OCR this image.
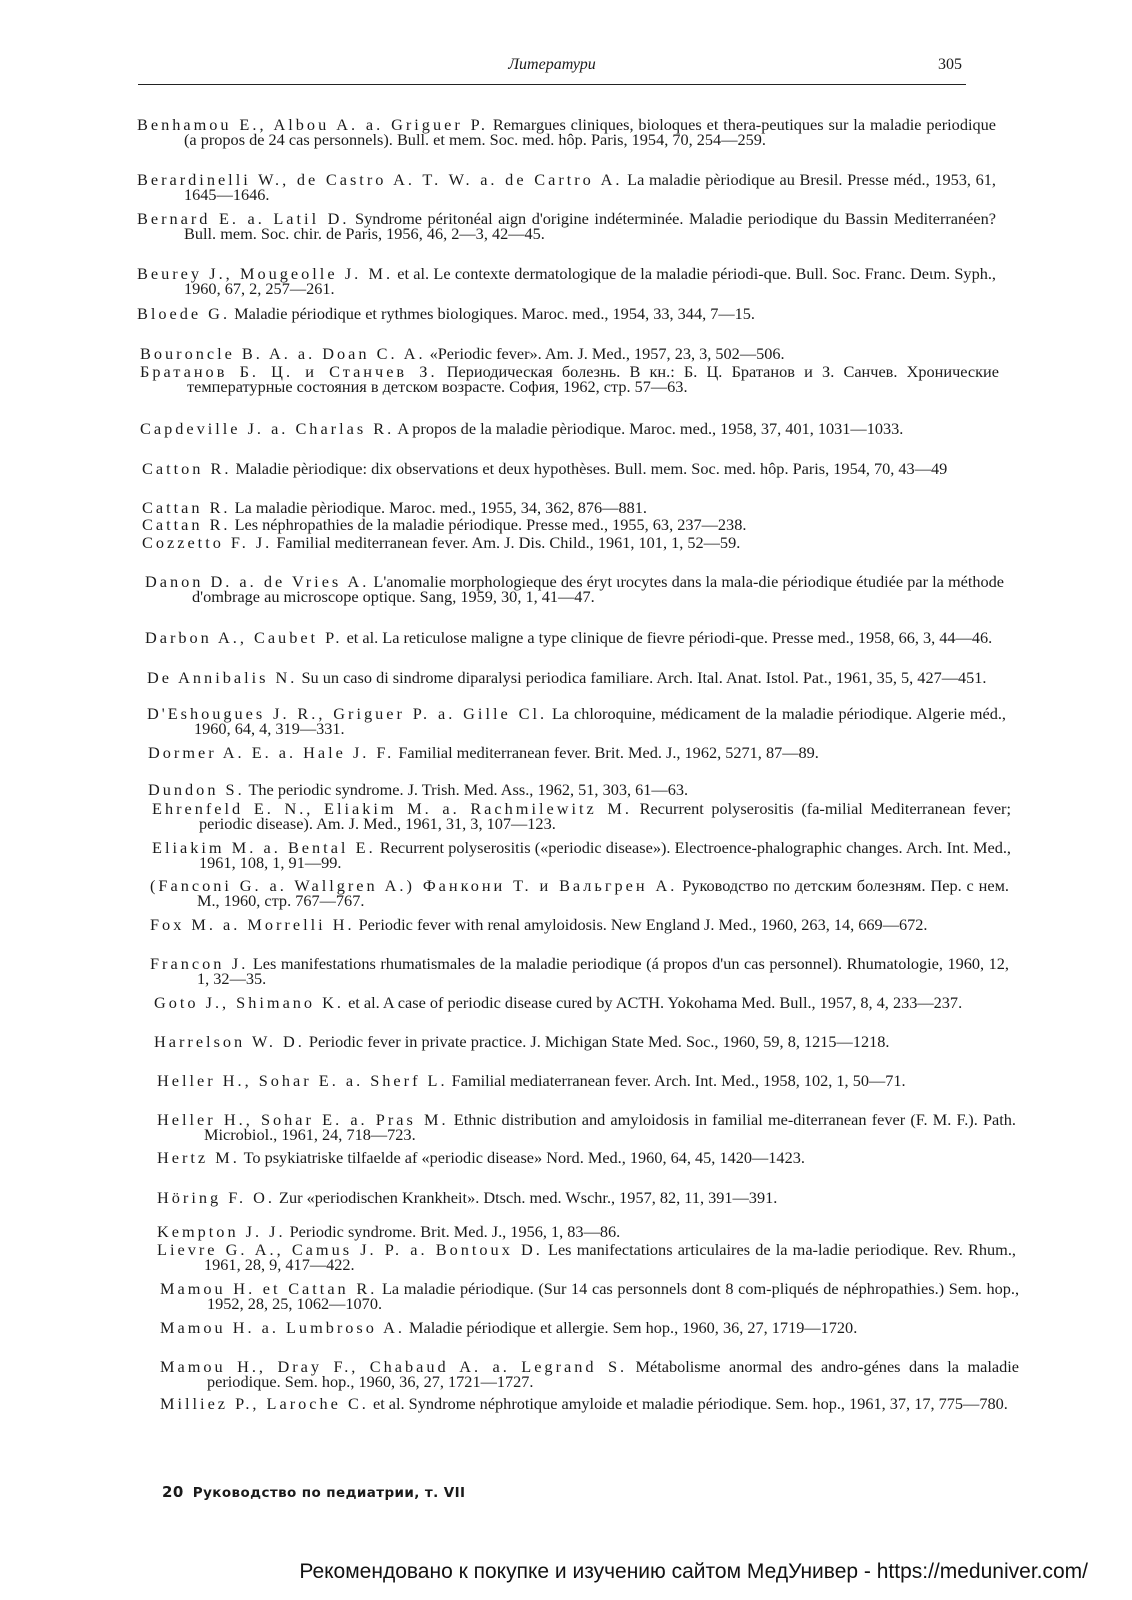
Литератури	305
Benhamou E., Albou A. a. Griguer P. Remargues cliniques, bioloques et thera-peutiques sur la maladie periodique (a propos de 24 cas personnels). Bull. et mem. Soc. med. hôp. Paris, 1954, 70, 254—259.
Berardinelli W., de Castro A. T. W. a. de Cartro A. La maladie pèriodique au Bresil. Presse méd., 1953, 61, 1645—1646.
Bernard E. a. Latil D. Syndrome péritonéal aign d'origine indéterminée. Maladie periodique du Bassin Mediterranéen? Bull. mem. Soc. chir. de Paris, 1956, 46, 2—3, 42—45.
Beurey J., Mougeolle J. M. et al. Le contexte dermatologique de la maladie périodi-que. Bull. Soc. Franc. Deιm. Syph., 1960, 67, 2, 257—261.
Bloede G. Maladie périodique et rythmes biologiques. Maroc. med., 1954, 33, 344, 7—15.
Bouroncle B. A. a. Doan C. A. «Periodic fever». Am. J. Med., 1957, 23, 3, 502—506.
Братанов Б. Ц. и Станчев З. Периодическая болезнь. В кн.: Б. Ц. Братанов и З. Санчев. Хронические температурные состояния в детском возрасте. София, 1962, стр. 57—63.
Capdeville J. a. Charlas R. A propos de la maladie pèriodique. Maroc. med., 1958, 37, 401, 1031—1033.
Catton R. Maladie pèriodique: dix observations et deux hypothèses. Bull. mem. Soc. med. hôp. Paris, 1954, 70, 43—49
Cattan R. La maladie pèriodique. Maroc. med., 1955, 34, 362, 876—881.
Cattan R. Les néphropathies de la maladie périodique. Presse med., 1955, 63, 237—238.
Cozzetto F. J. Familial mediterranean fever. Am. J. Dis. Child., 1961, 101, 1, 52—59.
Danon D. a. de Vries A. L'anomalie morphologieque des éryt ιrocytes dans la mala-die périodique étudiée par la méthode d'ombrage au microscope optique. Sang, 1959, 30, 1, 41—47.
Darbon A., Caubet P. et al. La reticulose maligne a type clinique de fievre périodi-que. Presse med., 1958, 66, 3, 44—46.
De Annibalis N. Su un caso di sindrome diparalysi periodica familiare. Arch. Ital. Anat. Istol. Pat., 1961, 35, 5, 427—451.
D'Eshougues J. R., Griguer P. a. Gille Cl. La chloroquine, médicament de la maladie périodique. Algerie méd., 1960, 64, 4, 319—331.
Dormer A. E. a. Hale J. F. Familial mediterranean fever. Brit. Med. J., 1962, 5271, 87—89.
Dundon S. The periodic syndrome. J. Trish. Med. Ass., 1962, 51, 303, 61—63.
Ehrenfeld E. N., Eliakim M. a. Rachmilewitz M. Recurrent polyserositis (fa-milial Mediterranean fever; periodic disease). Am. J. Med., 1961, 31, 3, 107—123.
Eliakim M. a. Bental E. Recurrent polyserositis («periodic disease»). Electroence-phalographic changes. Arch. Int. Med., 1961, 108, 1, 91—99.
(Fanconi G. a. Wallgren A.) Фанкони Т. и Вальгрен А. Руководство по детским болезням. Пер. с нем. М., 1960, стр. 767—767.
Fox M. a. Morrelli H. Periodic fever with renal amyloidosis. New England J. Med., 1960, 263, 14, 669—672.
Francon J. Les manifestations rhumatismales de la maladie periodique (á propos d'un cas personnel). Rhumatologie, 1960, 12, 1, 32—35.
Goto J., Shimano K. et al. A case of periodic disease cured by ACTH. Yokohama Med. Bull., 1957, 8, 4, 233—237.
Harrelson W. D. Periodic fever in private practice. J. Michigan State Med. Soc., 1960, 59, 8, 1215—1218.
Heller H., Sohar E. a. Sherf L. Familial mediaterranean fever. Arch. Int. Med., 1958, 102, 1, 50—71.
Heller H., Sohar E. a. Pras M. Ethnic distribution and amyloidosis in familial me-diterranean fever (F. M. F.). Path. Microbiol., 1961, 24, 718—723.
Hertz M. To psykiatriske tilfaelde af «periodic disease» Nord. Med., 1960, 64, 45, 1420—1423.
Höring F. O. Zur «periodischen Krankheit». Dtsch. med. Wschr., 1957, 82, 11, 391—391.
Kempton J. J. Periodic syndrome. Brit. Med. J., 1956, 1, 83—86.
Lievre G. A., Camus J. P. a. Bontoux D. Les manifectations articulaires de la ma-ladie periodique. Rev. Rhum., 1961, 28, 9, 417—422.
Mamou H. et Cattan R. La maladie périodique. (Sur 14 cas personnels dont 8 com-pliqués de néphropathies.) Sem. hop., 1952, 28, 25, 1062—1070.
Mamou H. a. Lumbroso A. Maladie périodique et allergie. Sem hop., 1960, 36, 27, 1719—1720.
Mamou H., Dray F., Chabaud A. a. Legrand S. Métabolisme anormal des andro-génes dans la maladie periodique. Sem. hop., 1960, 36, 27, 1721—1727.
Milliez P., Laroche C. et al. Syndrome néphrotique amyloide et maladie périodique. Sem. hop., 1961, 37, 17, 775—780.
20 Руководство по педиатрии, т. VII
Рекомендовано к покупке и изучению сайтом МедУнивер - https://meduniver.com/
